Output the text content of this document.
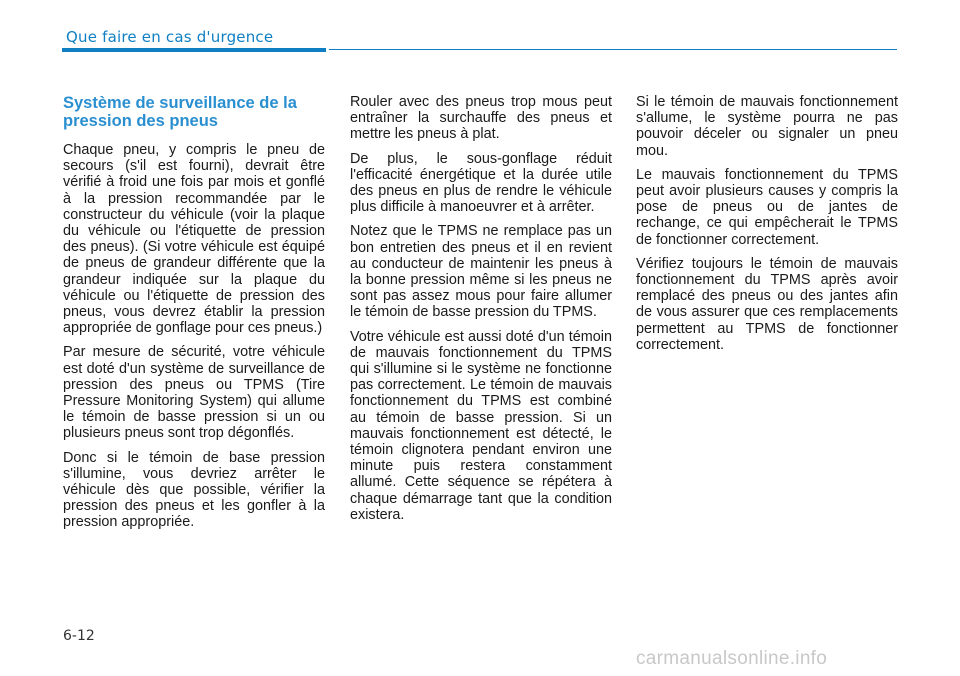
Que faire en cas d'urgence
Système de surveillance de la pression des pneus

Chaque pneu, y compris le pneu de secours (s'il est fourni), devrait être vérifié à froid une fois par mois et gonflé à la pression recommandée par le constructeur du véhicule (voir la plaque du véhicule ou l'étiquette de pression des pneus). (Si votre véhicule est équipé de pneus de grandeur différente que la grandeur indiquée sur la plaque du véhicule ou l'étiquette de pression des pneus, vous devrez établir la pression appropriée de gonflage pour ces pneus.)

Par mesure de sécurité, votre véhicule est doté d'un système de surveillance de pression des pneus ou TPMS (Tire Pressure Monitoring System) qui allume le témoin de basse pression si un ou plusieurs pneus sont trop dégonflés.

Donc si le témoin de base pression s'illumine, vous devriez arrêter le véhicule dès que possible, vérifier la pression des pneus et les gonfler à la pression appropriée.

Rouler avec des pneus trop mous peut entraîner la surchauffe des pneus et mettre les pneus à plat.

De plus, le sous-gonflage réduit l'efficacité énergétique et la durée utile des pneus en plus de rendre le véhicule plus difficile à manoeuvrer et à arrêter.

Notez que le TPMS ne remplace pas un bon entretien des pneus et il en revient au conducteur de maintenir les pneus à la bonne pression même si les pneus ne sont pas assez mous pour faire allumer le témoin de basse pression du TPMS.

Votre véhicule est aussi doté d'un témoin de mauvais fonctionnement du TPMS qui s'illumine si le système ne fonctionne pas correctement. Le témoin de mauvais fonctionnement du TPMS est combiné au témoin de basse pression. Si un mauvais fonctionnement est détecté, le témoin clignotera pendant environ une minute puis restera constamment allumé. Cette séquence se répétera à chaque démarrage tant que la condition existera.

Si le témoin de mauvais fonctionnement s'allume, le système pourra ne pas pouvoir déceler ou signaler un pneu mou.

Le mauvais fonctionnement du TPMS peut avoir plusieurs causes y compris la pose de pneus ou de jantes de rechange, ce qui empêcherait le TPMS de fonctionner correctement.

Vérifiez toujours le témoin de mauvais fonctionnement du TPMS après avoir remplacé des pneus ou des jantes afin de vous assurer que ces remplacements permettent au TPMS de fonctionner correctement.

6-12
carmanualsonline.info
